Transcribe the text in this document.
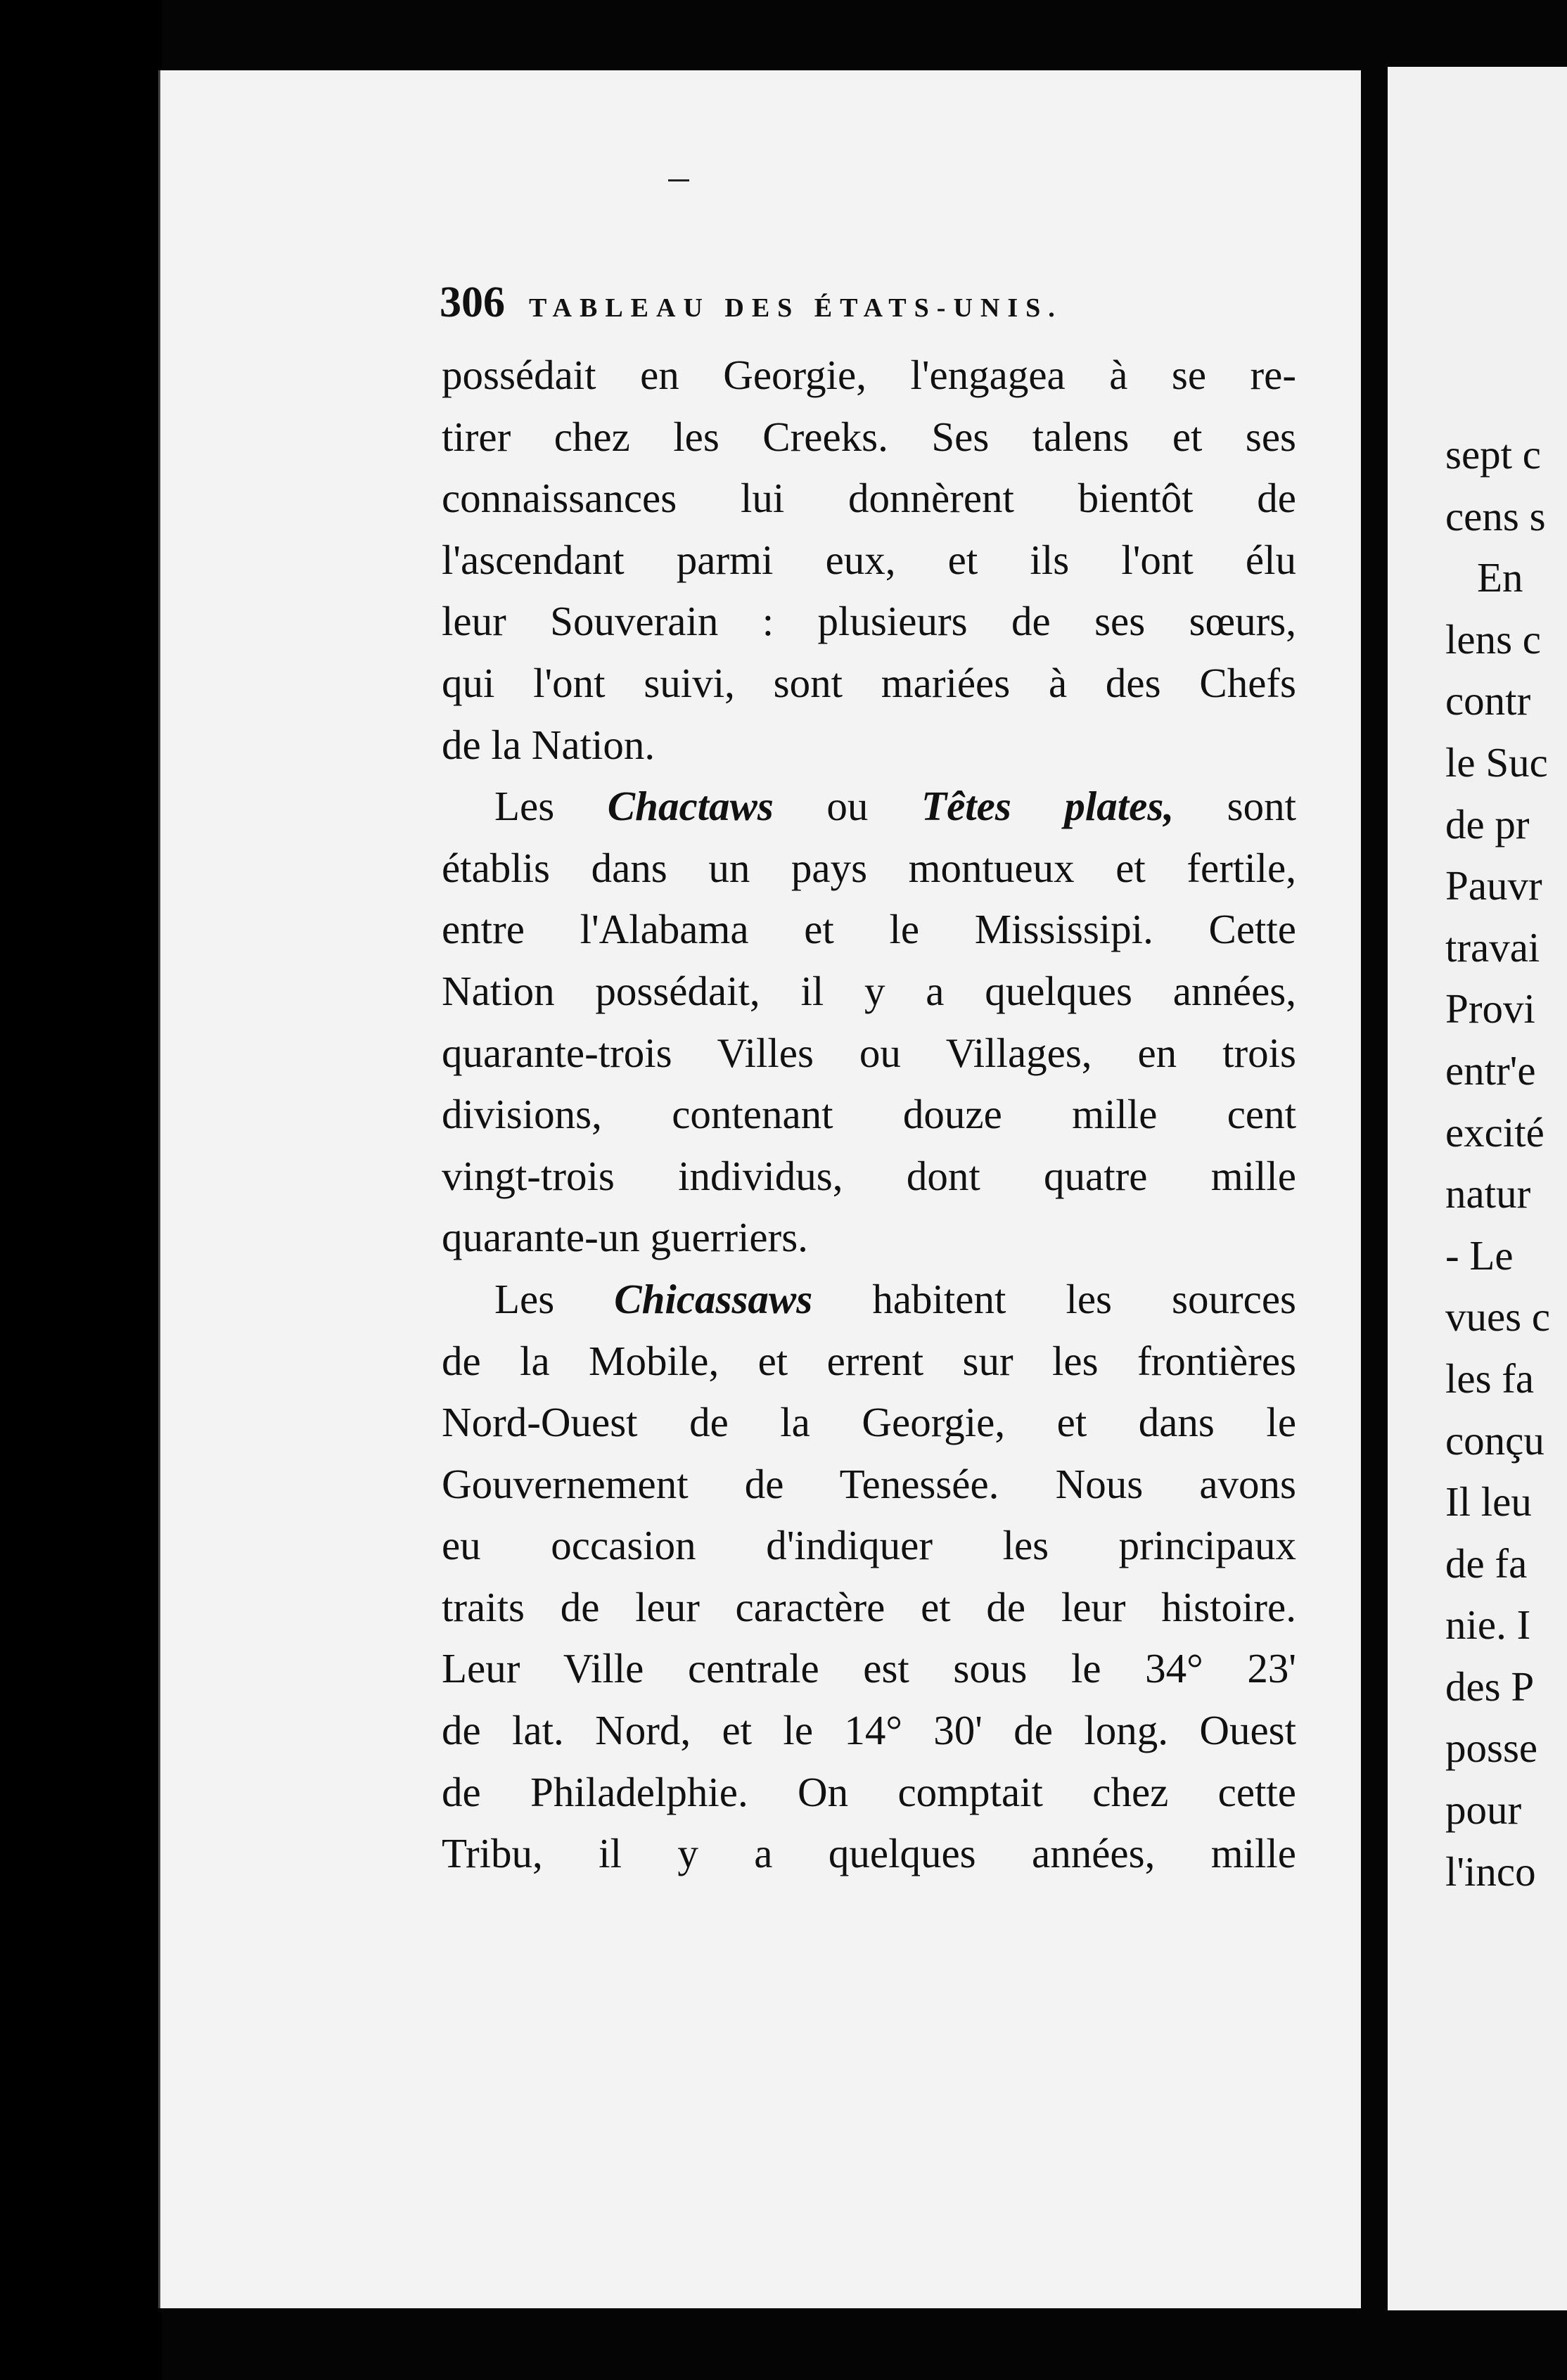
306 TABLEAU DES ÉTATS-UNIS.
possédait en Georgie, l'engagea à se re-
tirer chez les Creeks. Ses talens et ses
connaissances lui donnèrent bientôt de
l'ascendant parmi eux, et ils l'ont élu
leur Souverain : plusieurs de ses sœurs,
qui l'ont suivi, sont mariées à des Chefs
de la Nation.
Les Chactaws ou Têtes plates, sont
établis dans un pays montueux et fertile,
entre l'Alabama et le Mississipi. Cette
Nation possédait, il y a quelques années,
quarante-trois Villes ou Villages, en trois
divisions, contenant douze mille cent
vingt-trois individus, dont quatre mille
quarante-un guerriers.
Les Chicassaws habitent les sources
de la Mobile, et errent sur les frontières
Nord-Ouest de la Georgie, et dans le
Gouvernement de Tenessée. Nous avons
eu occasion d'indiquer les principaux
traits de leur caractère et de leur histoire.
Leur Ville centrale est sous le 34° 23'
de lat. Nord, et le 14° 30' de long. Ouest
de Philadelphie. On comptait chez cette
Tribu, il y a quelques années, mille
sept c
cens s
En
lens c
contr
le Suc
de pr
Pauvr
travai
Provi
entr'e
excité
natur
- Le
vues c
les fa
conçu
Il leu
de fa
nie. I
des P
posse
pour
l'inco
